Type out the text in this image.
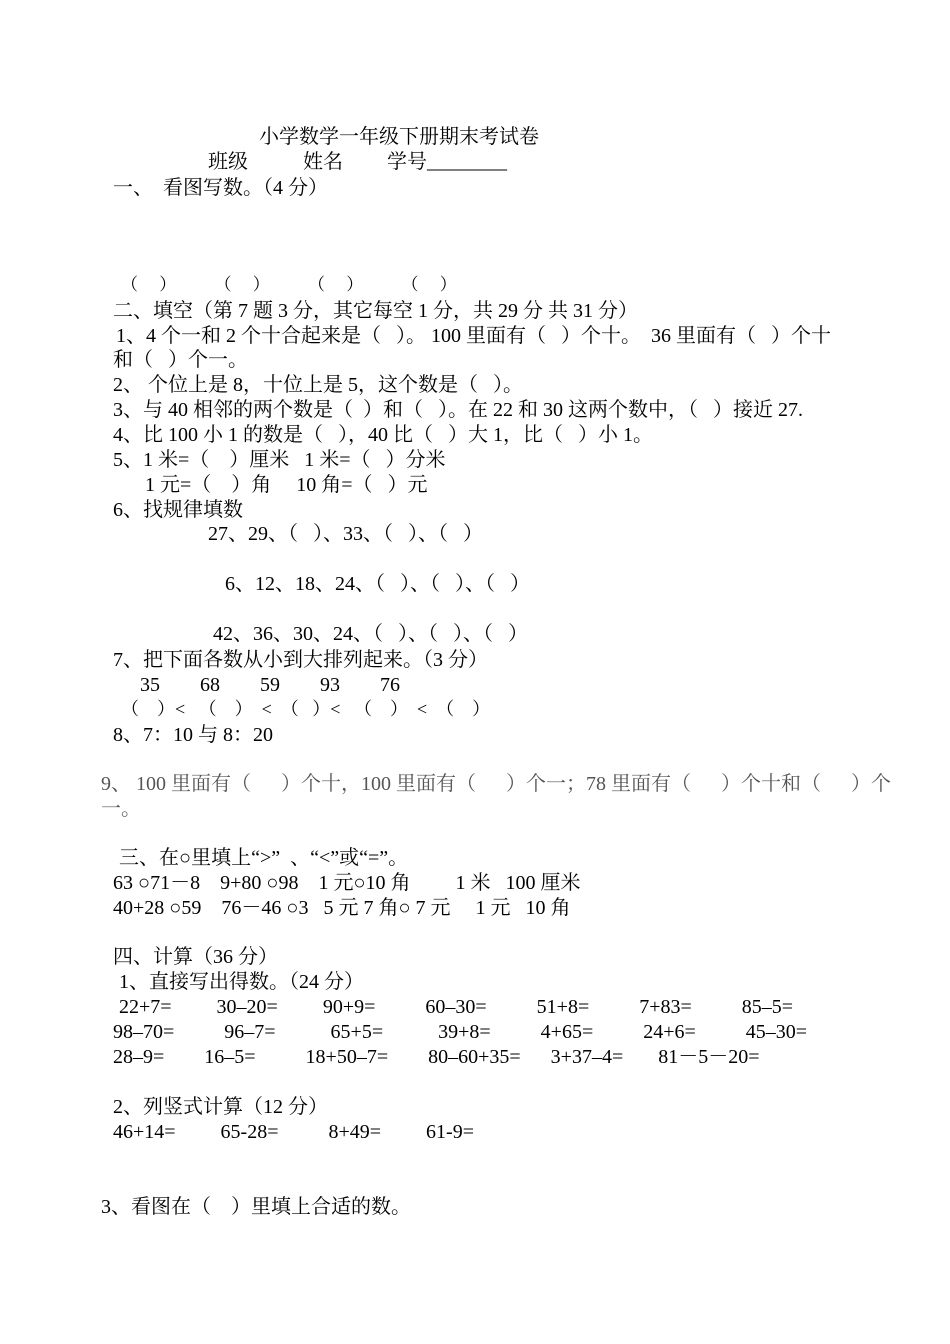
小学数学一年级下册期末考试卷
班级	姓名 学号________
一、  看图写数。（4 分）
（     ）         （     ）         （     ）         （     ）
二、填空（第 7 题 3 分，其它每空 1 分，共 29 分 共 31 分）
1、4 个一和 2 个十合起来是（   ）。 100 里面有（   ）个十。  36 里面有（   ）个十
和（   ）个一。
2、 个位上是 8，十位上是 5，这个数是（   ）。
3、与 40 相邻的两个数是（  ）和（   ）。在 22 和 30 这两个数中，（   ）接近 27.
4、比 100 小 1 的数是（   ），40 比（   ）大 1，比（   ）小 1。
5、1 米=（    ）厘米   1 米=（   ）分米
1 元=（    ）角     10 角=（   ）元
6、找规律填数
27、29、（   ）、33、（   ）、（   ）
6、12、18、24、（   ）、（   ）、（   ）
42、36、30、24、（   ）、（   ）、（   ）
7、把下面各数从小到大排列起来。（3 分）
35        68        59        93        76
（    ）<   （    ）  <  （   ）<   （    ）  <  （    ）
8、7：10 与 8：20
9、 100 里面有（      ）个十，100 里面有（      ）个一；78 里面有（      ）个十和（      ）个
一。
三、在○里填上“>”  、“<”或“=”。
63 ○71－8    9+80 ○98    1 元○10 角         1 米   100 厘米
40+28 ○59    76－46 ○3   5 元 7 角○ 7 元     1 元   10 角
四、计算（36 分）
1、直接写出得数。（24 分）
22+7=         30–20=         90+9=          60–30=          51+8=          7+83=          85–5=
98–70=          96–7=           65+5=           39+8=          4+65=          24+6=          45–30=
28–9=        16–5=          18+50–7=        80–60+35=      3+37–4=       81－5－20=
2、列竖式计算（12 分）
46+14=         65-28=          8+49=         61-9=
3、看图在（    ）里填上合适的数。
